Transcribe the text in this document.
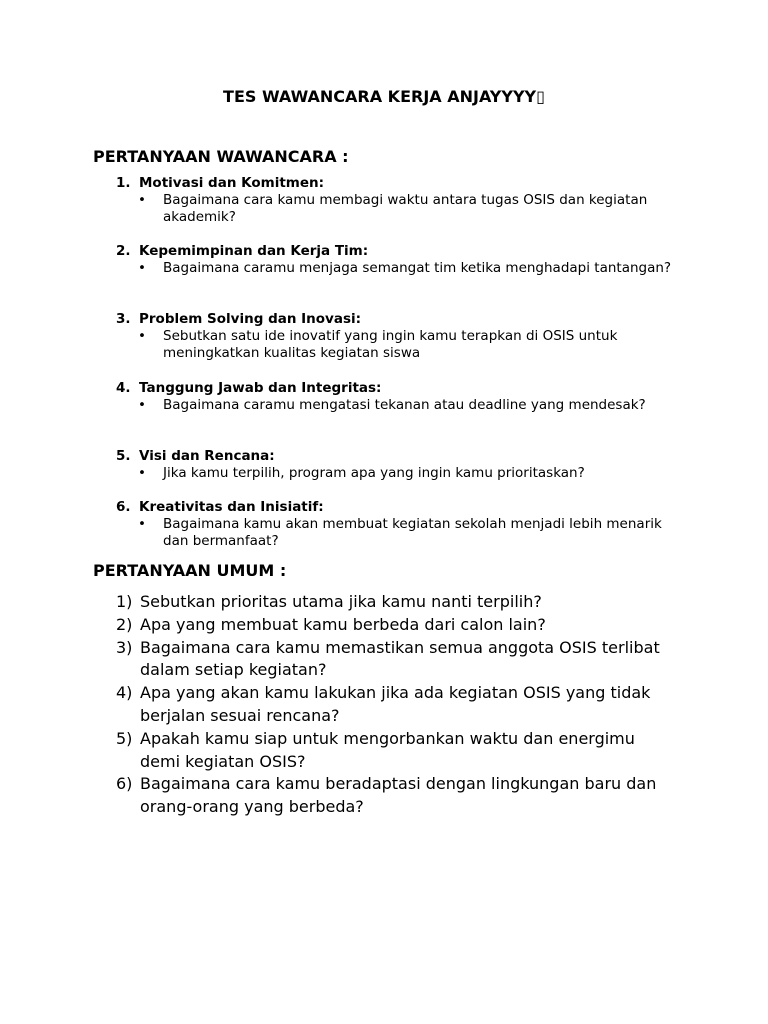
TES WAWANCARA KERJA ANJAYYYY▯
PERTANYAAN WAWANCARA :
1. Motivasi dan Komitmen:
• Bagaimana cara kamu membagi waktu antara tugas OSIS dan kegiatan akademik?
2. Kepemimpinan dan Kerja Tim:
• Bagaimana caramu menjaga semangat tim ketika menghadapi tantangan?
3. Problem Solving dan Inovasi:
• Sebutkan satu ide inovatif yang ingin kamu terapkan di OSIS untuk meningkatkan kualitas kegiatan siswa
4. Tanggung Jawab dan Integritas:
• Bagaimana caramu mengatasi tekanan atau deadline yang mendesak?
5. Visi dan Rencana:
• Jika kamu terpilih, program apa yang ingin kamu prioritaskan?
6. Kreativitas dan Inisiatif:
• Bagaimana kamu akan membuat kegiatan sekolah menjadi lebih menarik dan bermanfaat?
PERTANYAAN UMUM :
1) Sebutkan prioritas utama jika kamu nanti terpilih?
2) Apa yang membuat kamu berbeda dari calon lain?
3) Bagaimana cara kamu memastikan semua anggota OSIS terlibat dalam setiap kegiatan?
4) Apa yang akan kamu lakukan jika ada kegiatan OSIS yang tidak berjalan sesuai rencana?
5) Apakah kamu siap untuk mengorbankan waktu dan energimu demi kegiatan OSIS?
6) Bagaimana cara kamu beradaptasi dengan lingkungan baru dan orang-orang yang berbeda?
